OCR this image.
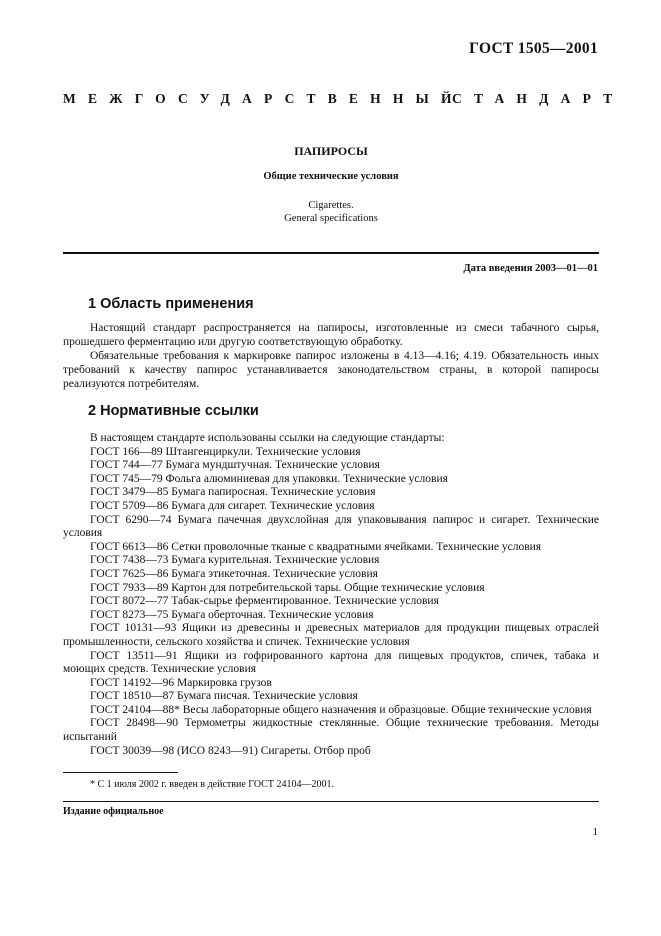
ГОСТ 1505—2001
МЕЖГОСУДАРСТВЕННЫЙ
СТАНДАРТ
ПАПИРОСЫ
Общие технические условия
Cigarettes.
General specifications
Дата введения 2003—01—01
1 Область применения
Настоящий стандарт распространяется на папиросы, изготовленные из смеси табачного сырья, прошедшего ферментацию или другую соответствующую обработку.
Обязательные требования к маркировке папирос изложены в 4.13—4.16; 4.19. Обязательность иных требований к качеству папирос устанавливается законодательством страны, в которой папиросы реализуются потребителям.
2 Нормативные ссылки

В настоящем стандарте использованы ссылки на следующие стандарты:

ГОСТ 166—89 Штангенциркули. Технические условия

ГОСТ 744—77 Бумага мундштучная. Технические условия

ГОСТ 745—79 Фольга алюминиевая для упаковки. Технические условия

ГОСТ 3479—85 Бумага папиросная. Технические условия

ГОСТ 5709—86 Бумага для сигарет. Технические условия

ГОСТ 6290—74 Бумага пачечная двухслойная для упаковывания папирос и сигарет. Технические условия

ГОСТ 6613—86 Сетки проволочные тканые с квадратными ячейками. Технические условия

ГОСТ 7438—73 Бумага курительная. Технические условия

ГОСТ 7625—86 Бумага этикеточная. Технические условия

ГОСТ 7933—89 Картон для потребительской тары. Общие технические условия

ГОСТ 8072—77 Табак-сырье ферментированное. Технические условия

ГОСТ 8273—75 Бумага оберточная. Технические условия

ГОСТ 10131—93 Ящики из древесины и древесных материалов для продукции пищевых отраслей промышленности, сельского хозяйства и спичек. Технические условия

ГОСТ 13511—91 Ящики из гофрированного картона для пищевых продуктов, спичек, табака и моющих средств. Технические условия

ГОСТ 14192—96 Маркировка грузов

ГОСТ 18510—87 Бумага писчая. Технические условия

ГОСТ 24104—88* Весы лабораторные общего назначения и образцовые. Общие технические условия

ГОСТ 28498—90 Термометры жидкостные стеклянные. Общие технические требования. Методы испытаний

ГОСТ 30039—98 (ИСО 8243—91) Сигареты. Отбор проб

* С 1 июля 2002 г. введен в действие ГОСТ 24104—2001.
Издание официальное
1
